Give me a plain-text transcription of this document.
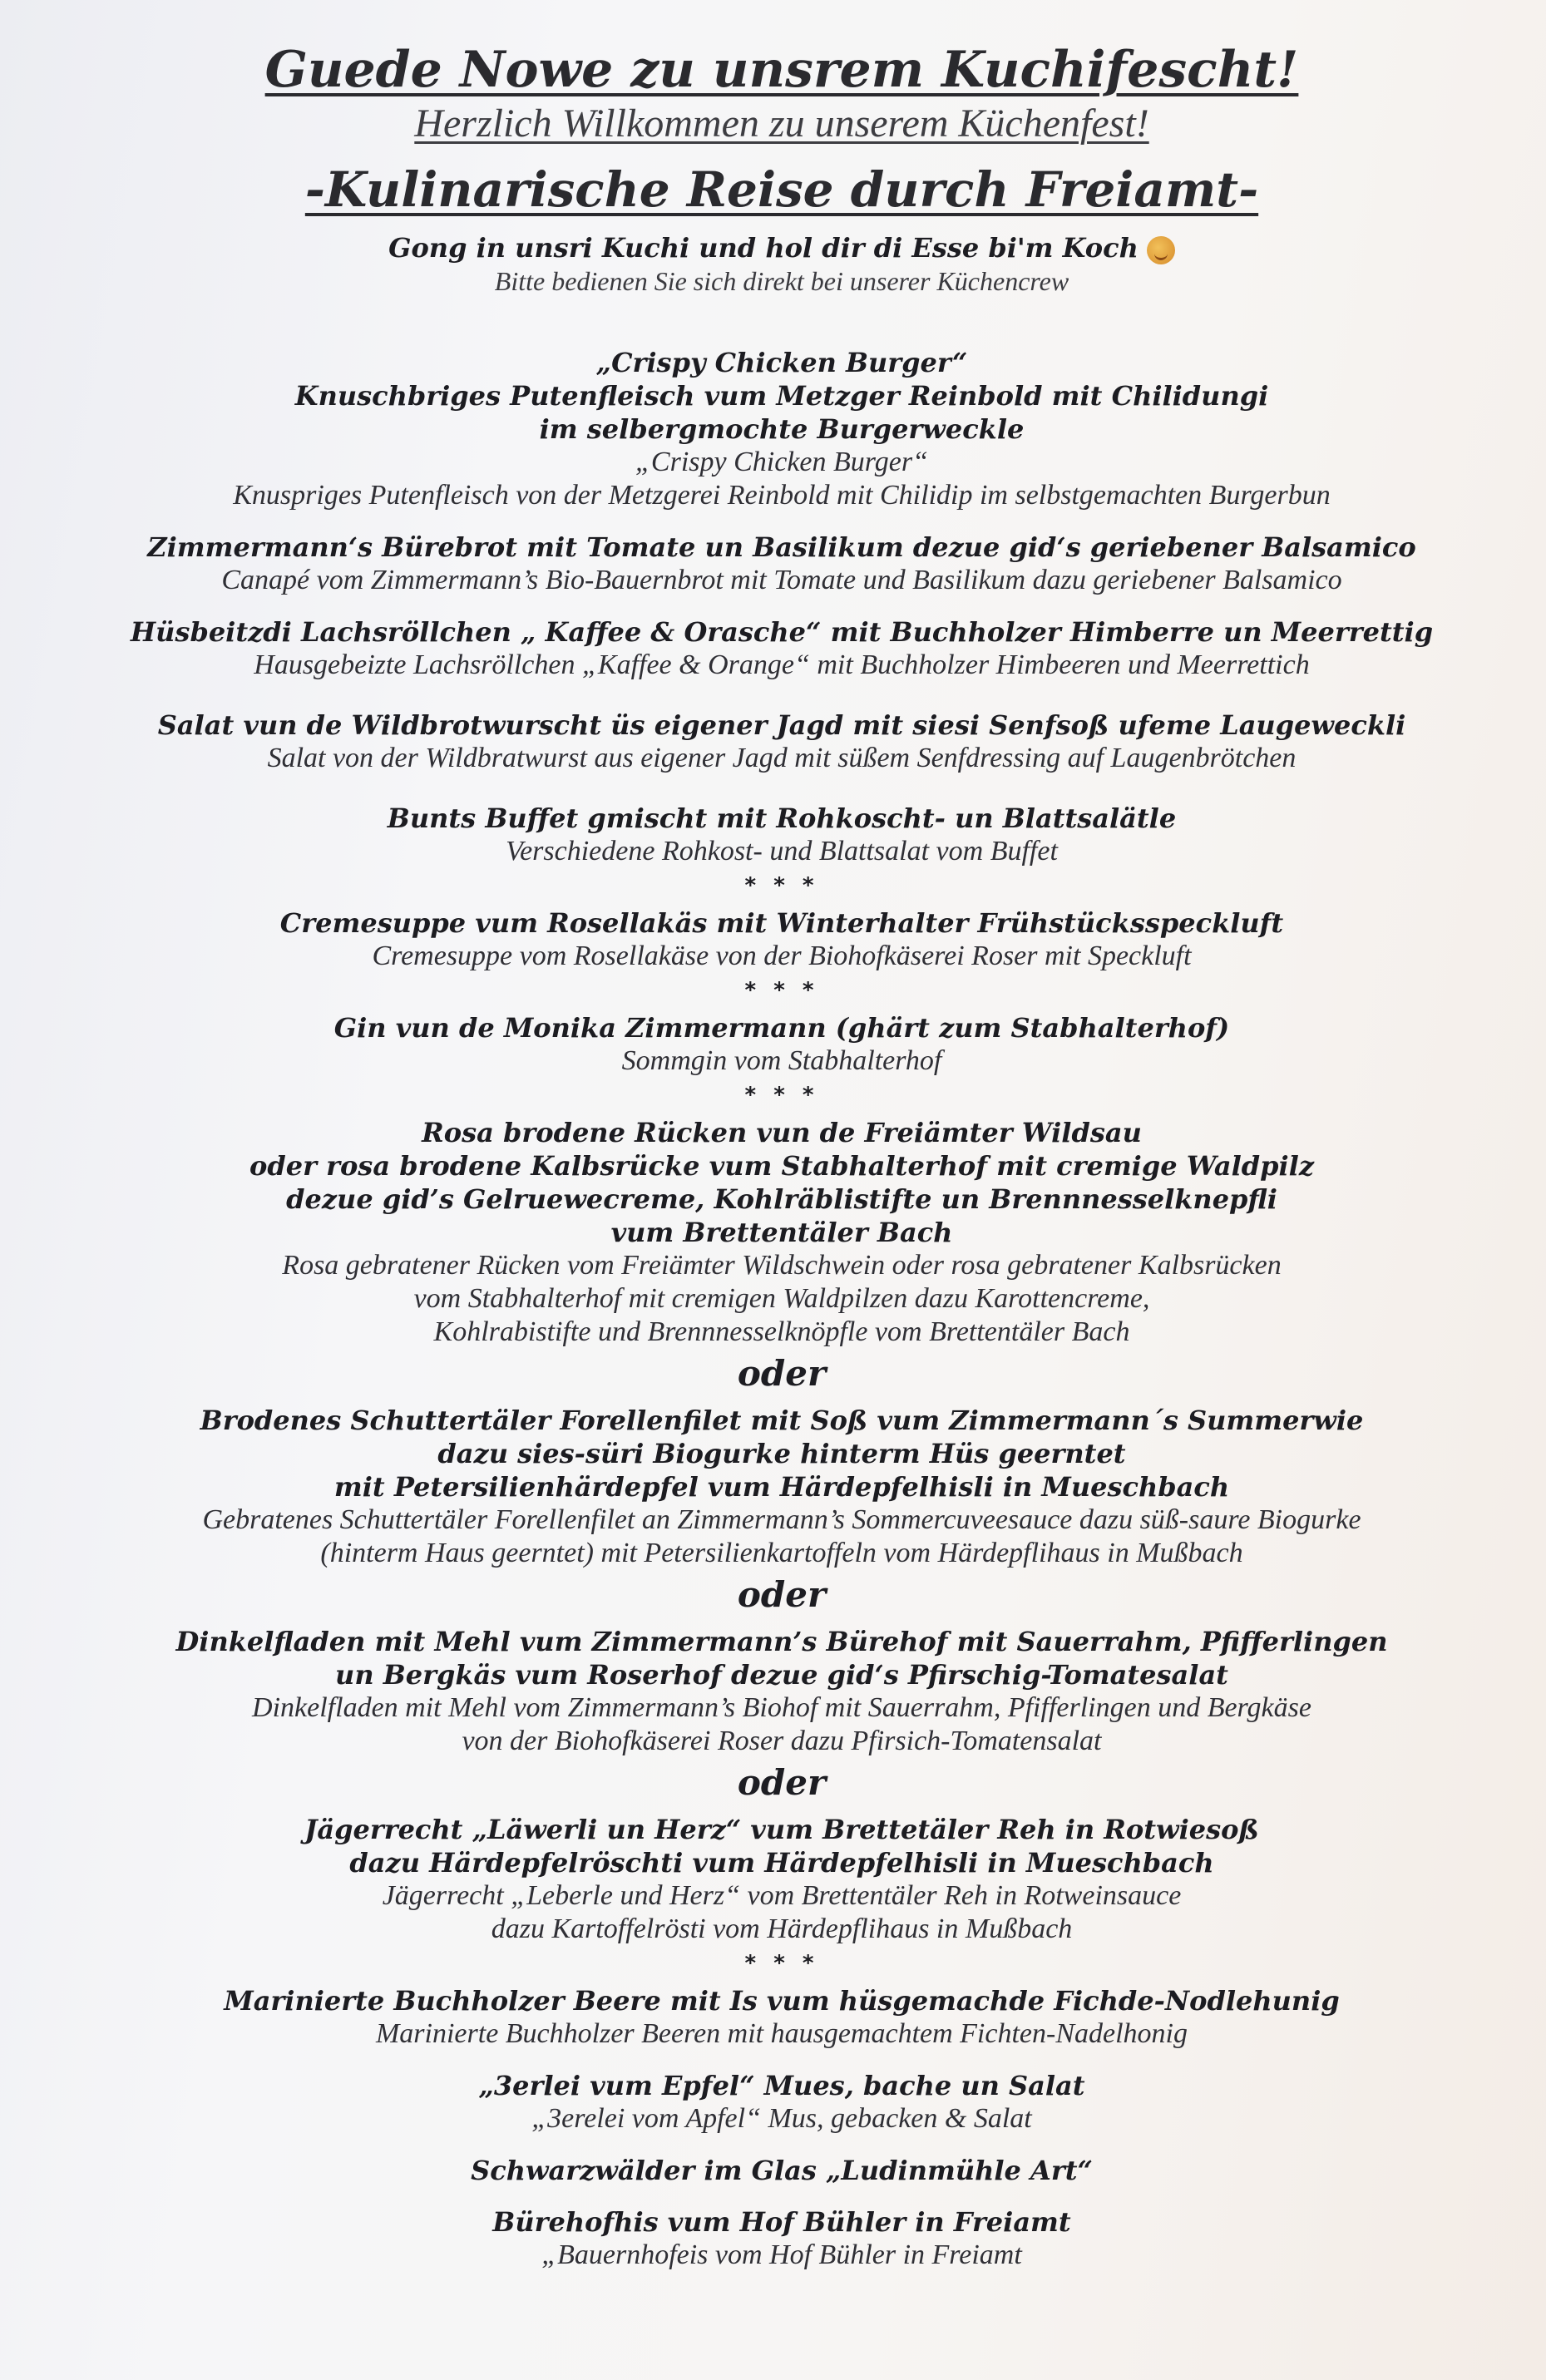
Guede Nowe zu unsrem Kuchifescht!

Herzlich Willkommen zu unserem Küchenfest!

-Kulinarische Reise durch Freiamt-

Gong in unsri Kuchi und hol dir di Esse bi'm Koch

Bitte bedienen Sie sich direkt bei unserer Küchencrew

„Crispy Chicken Burger“

Knuschbriges Putenfleisch vum Metzger Reinbold mit Chilidungi

im selbergmochte Burgerweckle

„Crispy Chicken Burger“

Knuspriges Putenfleisch von der Metzgerei Reinbold mit Chilidip im selbstgemachten Burgerbun

Zimmermann‘s Bürebrot mit Tomate un Basilikum dezue gid‘s geriebener Balsamico

Canapé vom Zimmermann’s Bio-Bauernbrot mit Tomate und Basilikum dazu geriebener Balsamico

Hüsbeitzdi Lachsröllchen „ Kaffee & Orasche“ mit Buchholzer Himberre un Meerrettig

Hausgebeizte Lachsröllchen „Kaffee & Orange“ mit Buchholzer Himbeeren und Meerrettich

Salat vun de Wildbrotwurscht üs eigener Jagd mit siesi Senfsoß ufeme Laugeweckli

Salat von der Wildbratwurst aus eigener Jagd mit süßem Senfdressing auf Laugenbrötchen

Bunts Buffet gmischt mit Rohkoscht- un Blattsalätle

Verschiedene Rohkost- und Blattsalat vom Buffet

* * *

Cremesuppe vum Rosellakäs mit Winterhalter Frühstücksspeckluft

Cremesuppe vom Rosellakäse von der Biohofkäserei Roser mit Speckluft

* * *

Gin vun de Monika Zimmermann (ghärt zum Stabhalterhof)

Sommgin vom Stabhalterhof

* * *

Rosa brodene Rücken vun de Freiämter Wildsau

oder rosa brodene Kalbsrücke vum Stabhalterhof mit cremige Waldpilz

dezue gid’s Gelruewecreme, Kohlräblistifte un Brennnesselknepfli

vum Brettentäler Bach

Rosa gebratener Rücken vom Freiämter Wildschwein oder rosa gebratener Kalbsrücken

vom Stabhalterhof mit cremigen Waldpilzen dazu Karottencreme,

Kohlrabistifte und Brennnesselknöpfle vom Brettentäler Bach

oder

Brodenes Schuttertäler Forellenfilet mit Soß vum Zimmermann´s Summerwie

dazu sies-süri Biogurke hinterm Hüs geerntet

mit Petersilienhärdepfel vum Härdepfelhisli in Mueschbach

Gebratenes Schuttertäler Forellenfilet an Zimmermann’s Sommercuveesauce dazu süß-saure Biogurke

(hinterm Haus geerntet) mit Petersilienkartoffeln vom Härdepflihaus in Mußbach

oder

Dinkelfladen mit Mehl vum Zimmermann’s Bürehof mit Sauerrahm, Pfifferlingen

un Bergkäs vum Roserhof dezue gid‘s Pfirschig-Tomatesalat

Dinkelfladen mit Mehl vom Zimmermann’s Biohof mit Sauerrahm, Pfifferlingen und Bergkäse

von der Biohofkäserei Roser dazu Pfirsich-Tomatensalat

oder

Jägerrecht „Läwerli un Herz“ vum Brettetäler Reh in Rotwiesoß

dazu Härdepfelröschti vum Härdepfelhisli in Mueschbach

Jägerrecht „Leberle und Herz“ vom Brettentäler Reh in Rotweinsauce

dazu Kartoffelrösti vom Härdepflihaus in Mußbach

* * *

Marinierte Buchholzer Beere mit Is vum hüsgemachde Fichde-Nodlehunig

Marinierte Buchholzer Beeren mit hausgemachtem Fichten-Nadelhonig

„3erlei vum Epfel“ Mues, bache un Salat

„3erelei vom Apfel“ Mus, gebacken & Salat

Schwarzwälder im Glas „Ludinmühle Art“

Bürehofhis vum Hof Bühler in Freiamt

„Bauernhofeis vom Hof Bühler in Freiamt
